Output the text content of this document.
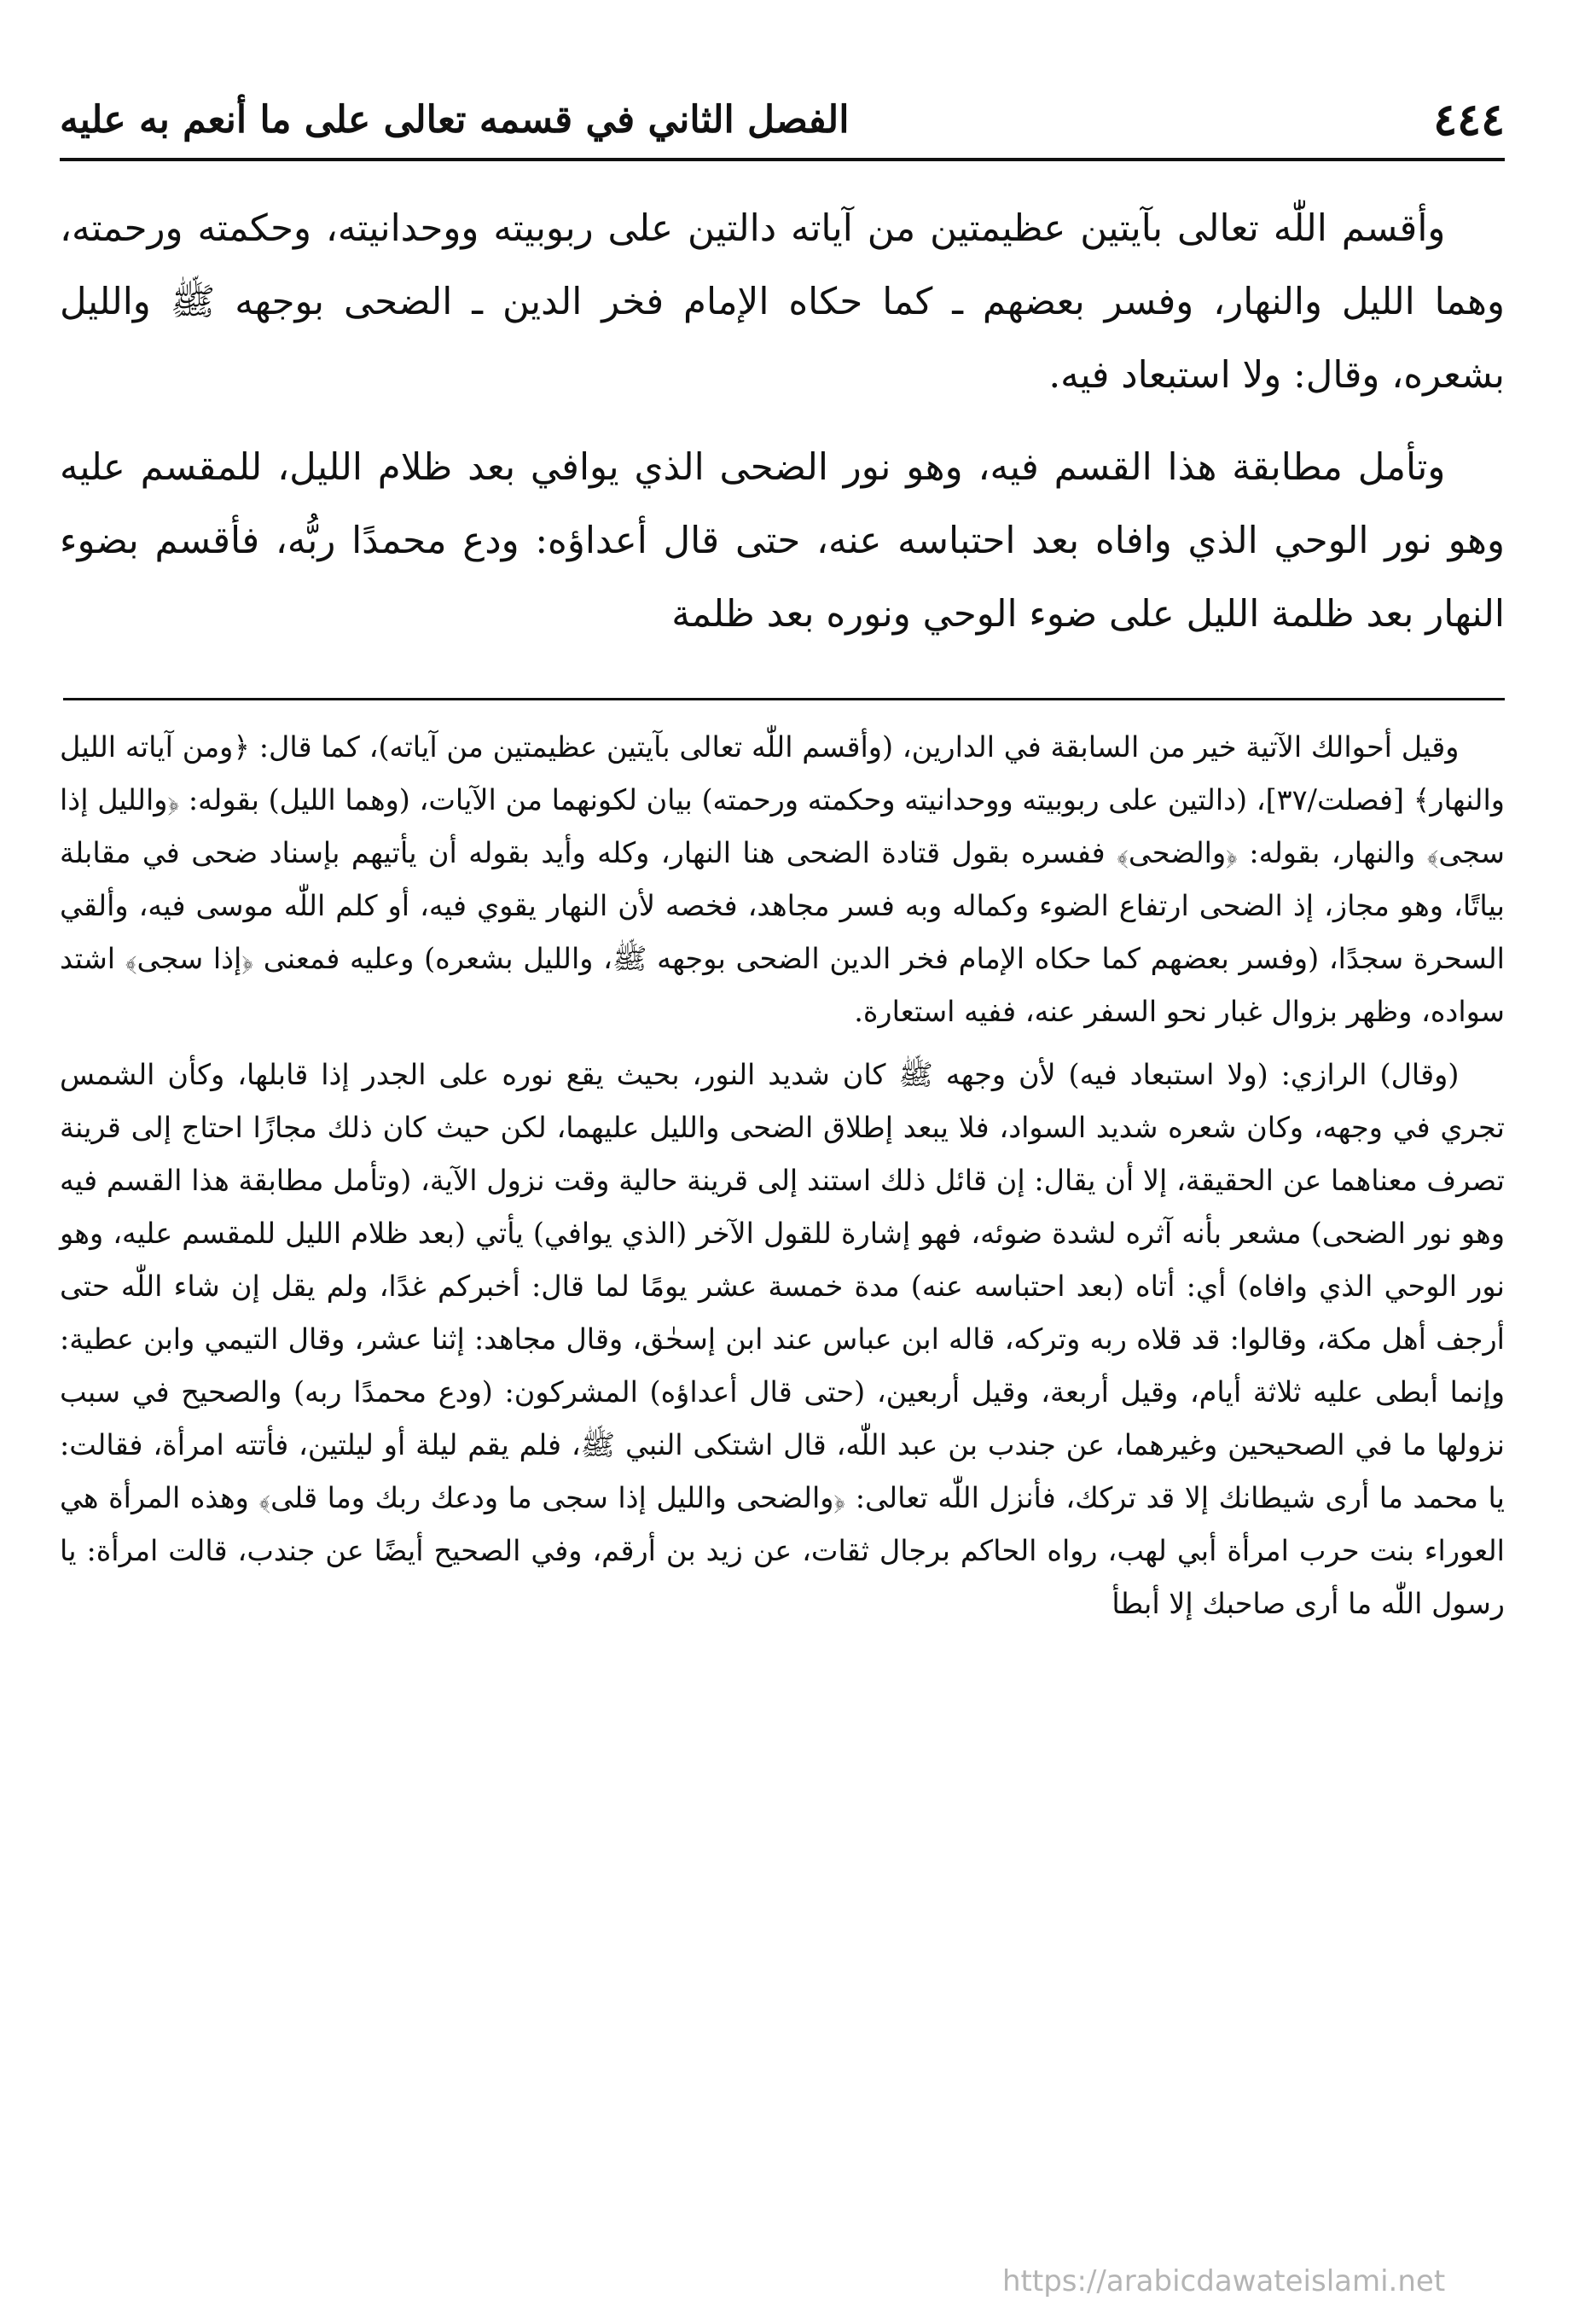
٤٤٤
الفصل الثاني في قسمه تعالى على ما أنعم به عليه

وأقسم اللّٰه تعالى بآيتين عظيمتين من آياته دالتين على ربوبيته ووحدانيته، وحكمته ورحمته، وهما الليل والنهار، وفسر بعضهم ـ كما حكاه الإمام فخر الدين ـ الضحى بوجهه ﷺ والليل بشعره، وقال: ولا استبعاد فيه.

وتأمل مطابقة هذا القسم فيه، وهو نور الضحى الذي يوافي بعد ظلام الليل، للمقسم عليه وهو نور الوحي الذي وافاه بعد احتباسه عنه، حتى قال أعداؤه: ودع محمدًا ربُّه، فأقسم بضوء النهار بعد ظلمة الليل على ضوء الوحي ونوره بعد ظلمة

وقيل أحوالك الآتية خير من السابقة في الدارين، (وأقسم اللّٰه تعالى بآيتين عظيمتين من آياته)، كما قال: ﴿ومن آياته الليل والنهار﴾ [فصلت/٣٧]، (دالتين على ربوبيته ووحدانيته وحكمته ورحمته) بيان لكونهما من الآيات، (وهما الليل) بقوله: ﴿والليل إذا سجى﴾ والنهار، بقوله: ﴿والضحى﴾ ففسره بقول قتادة الضحى هنا النهار، وكله وأيد بقوله أن يأتيهم بإسناد ضحى في مقابلة بياتًا، وهو مجاز، إذ الضحى ارتفاع الضوء وكماله وبه فسر مجاهد، فخصه لأن النهار يقوي فيه، أو كلم اللّٰه موسى فيه، وألقي السحرة سجدًا، (وفسر بعضهم كما حكاه الإمام فخر الدين الضحى بوجهه ﷺ، والليل بشعره) وعليه فمعنى ﴿إذا سجى﴾ اشتد سواده، وظهر بزوال غبار نحو السفر عنه، ففيه استعارة.

(وقال) الرازي: (ولا استبعاد فيه) لأن وجهه ﷺ كان شديد النور، بحيث يقع نوره على الجدر إذا قابلها، وكأن الشمس تجري في وجهه، وكان شعره شديد السواد، فلا يبعد إطلاق الضحى والليل عليهما، لكن حيث كان ذلك مجازًا احتاج إلى قرينة تصرف معناهما عن الحقيقة، إلا أن يقال: إن قائل ذلك استند إلى قرينة حالية وقت نزول الآية، (وتأمل مطابقة هذا القسم فيه وهو نور الضحى) مشعر بأنه آثره لشدة ضوئه، فهو إشارة للقول الآخر (الذي يوافي) يأتي (بعد ظلام الليل للمقسم عليه، وهو نور الوحي الذي وافاه) أي: أتاه (بعد احتباسه عنه) مدة خمسة عشر يومًا لما قال: أخبركم غدًا، ولم يقل إن شاء اللّٰه حتى أرجف أهل مكة، وقالوا: قد قلاه ربه وتركه، قاله ابن عباس عند ابن إسحٰق، وقال مجاهد: إثنا عشر، وقال التيمي وابن عطية: وإنما أبطى عليه ثلاثة أيام، وقيل أربعة، وقيل أربعين، (حتى قال أعداؤه) المشركون: (ودع محمدًا ربه) والصحيح في سبب نزولها ما في الصحيحين وغيرهما، عن جندب بن عبد اللّٰه، قال اشتكى النبي ﷺ، فلم يقم ليلة أو ليلتين، فأتته امرأة، فقالت: يا محمد ما أرى شيطانك إلا قد تركك، فأنزل اللّٰه تعالى: ﴿والضحى والليل إذا سجى ما ودعك ربك وما قلى﴾ وهذه المرأة هي العوراء بنت حرب امرأة أبي لهب، رواه الحاكم برجال ثقات، عن زيد بن أرقم، وفي الصحيح أيضًا عن جندب، قالت امرأة: يا رسول اللّٰه ما أرى صاحبك إلا أبطأ

https://arabicdawateislami.net
